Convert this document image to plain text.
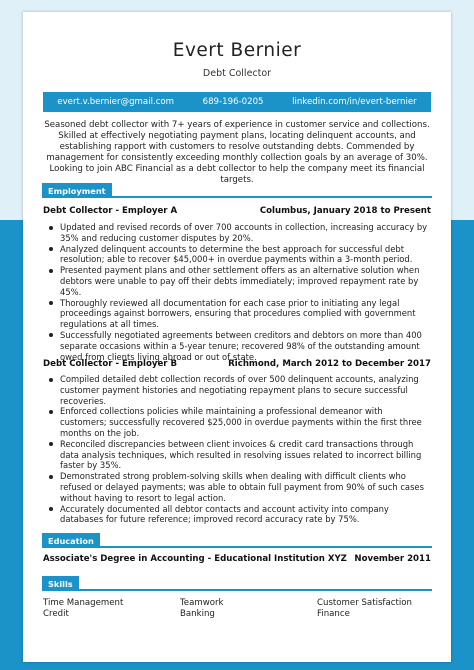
Evert Bernier
Debt Collector
evert.v.bernier@gmail.com	689-196-0205	linkedin.com/in/evert-bernier

Seasoned debt collector with 7+ years of experience in customer service and collections. Skilled at effectively negotiating payment plans, locating delinquent accounts, and establishing rapport with customers to resolve outstanding debts. Commended by management for consistently exceeding monthly collection goals by an average of 30%. Looking to join ABC Financial as a debt collector to help the company meet its financial targets.

Employment
Debt Collector - Employer A	Columbus, January 2018 to Present
Updated and revised records of over 700 accounts in collection, increasing accuracy by 35% and reducing customer disputes by 20%.
Analyzed delinquent accounts to determine the best approach for successful debt resolution; able to recover $45,000+ in overdue payments within a 3-month period.
Presented payment plans and other settlement offers as an alternative solution when debtors were unable to pay off their debts immediately; improved repayment rate by 45%.
Thoroughly reviewed all documentation for each case prior to initiating any legal proceedings against borrowers, ensuring that procedures complied with government regulations at all times.
Successfully negotiated agreements between creditors and debtors on more than 400 separate occasions within a 5-year tenure; recovered 98% of the outstanding amount owed from clients living abroad or out of state.
Debt Collector - Employer B	Richmond, March 2012 to December 2017
Compiled detailed debt collection records of over 500 delinquent accounts, analyzing customer payment histories and negotiating repayment plans to secure successful recoveries.
Enforced collections policies while maintaining a professional demeanor with customers; successfully recovered $25,000 in overdue payments within the first three months on the job.
Reconciled discrepancies between client invoices & credit card transactions through data analysis techniques, which resulted in resolving issues related to incorrect billing faster by 35%.
Demonstrated strong problem-solving skills when dealing with difficult clients who refused or delayed payments; was able to obtain full payment from 90% of such cases without having to resort to legal action.
Accurately documented all debtor contacts and account activity into company databases for future reference; improved record accuracy rate by 75%.
Education
Associate's Degree in Accounting - Educational Institution XYZ November 2011
Skills
Time Management	Teamwork	Customer Satisfaction
Credit	Banking	Finance
